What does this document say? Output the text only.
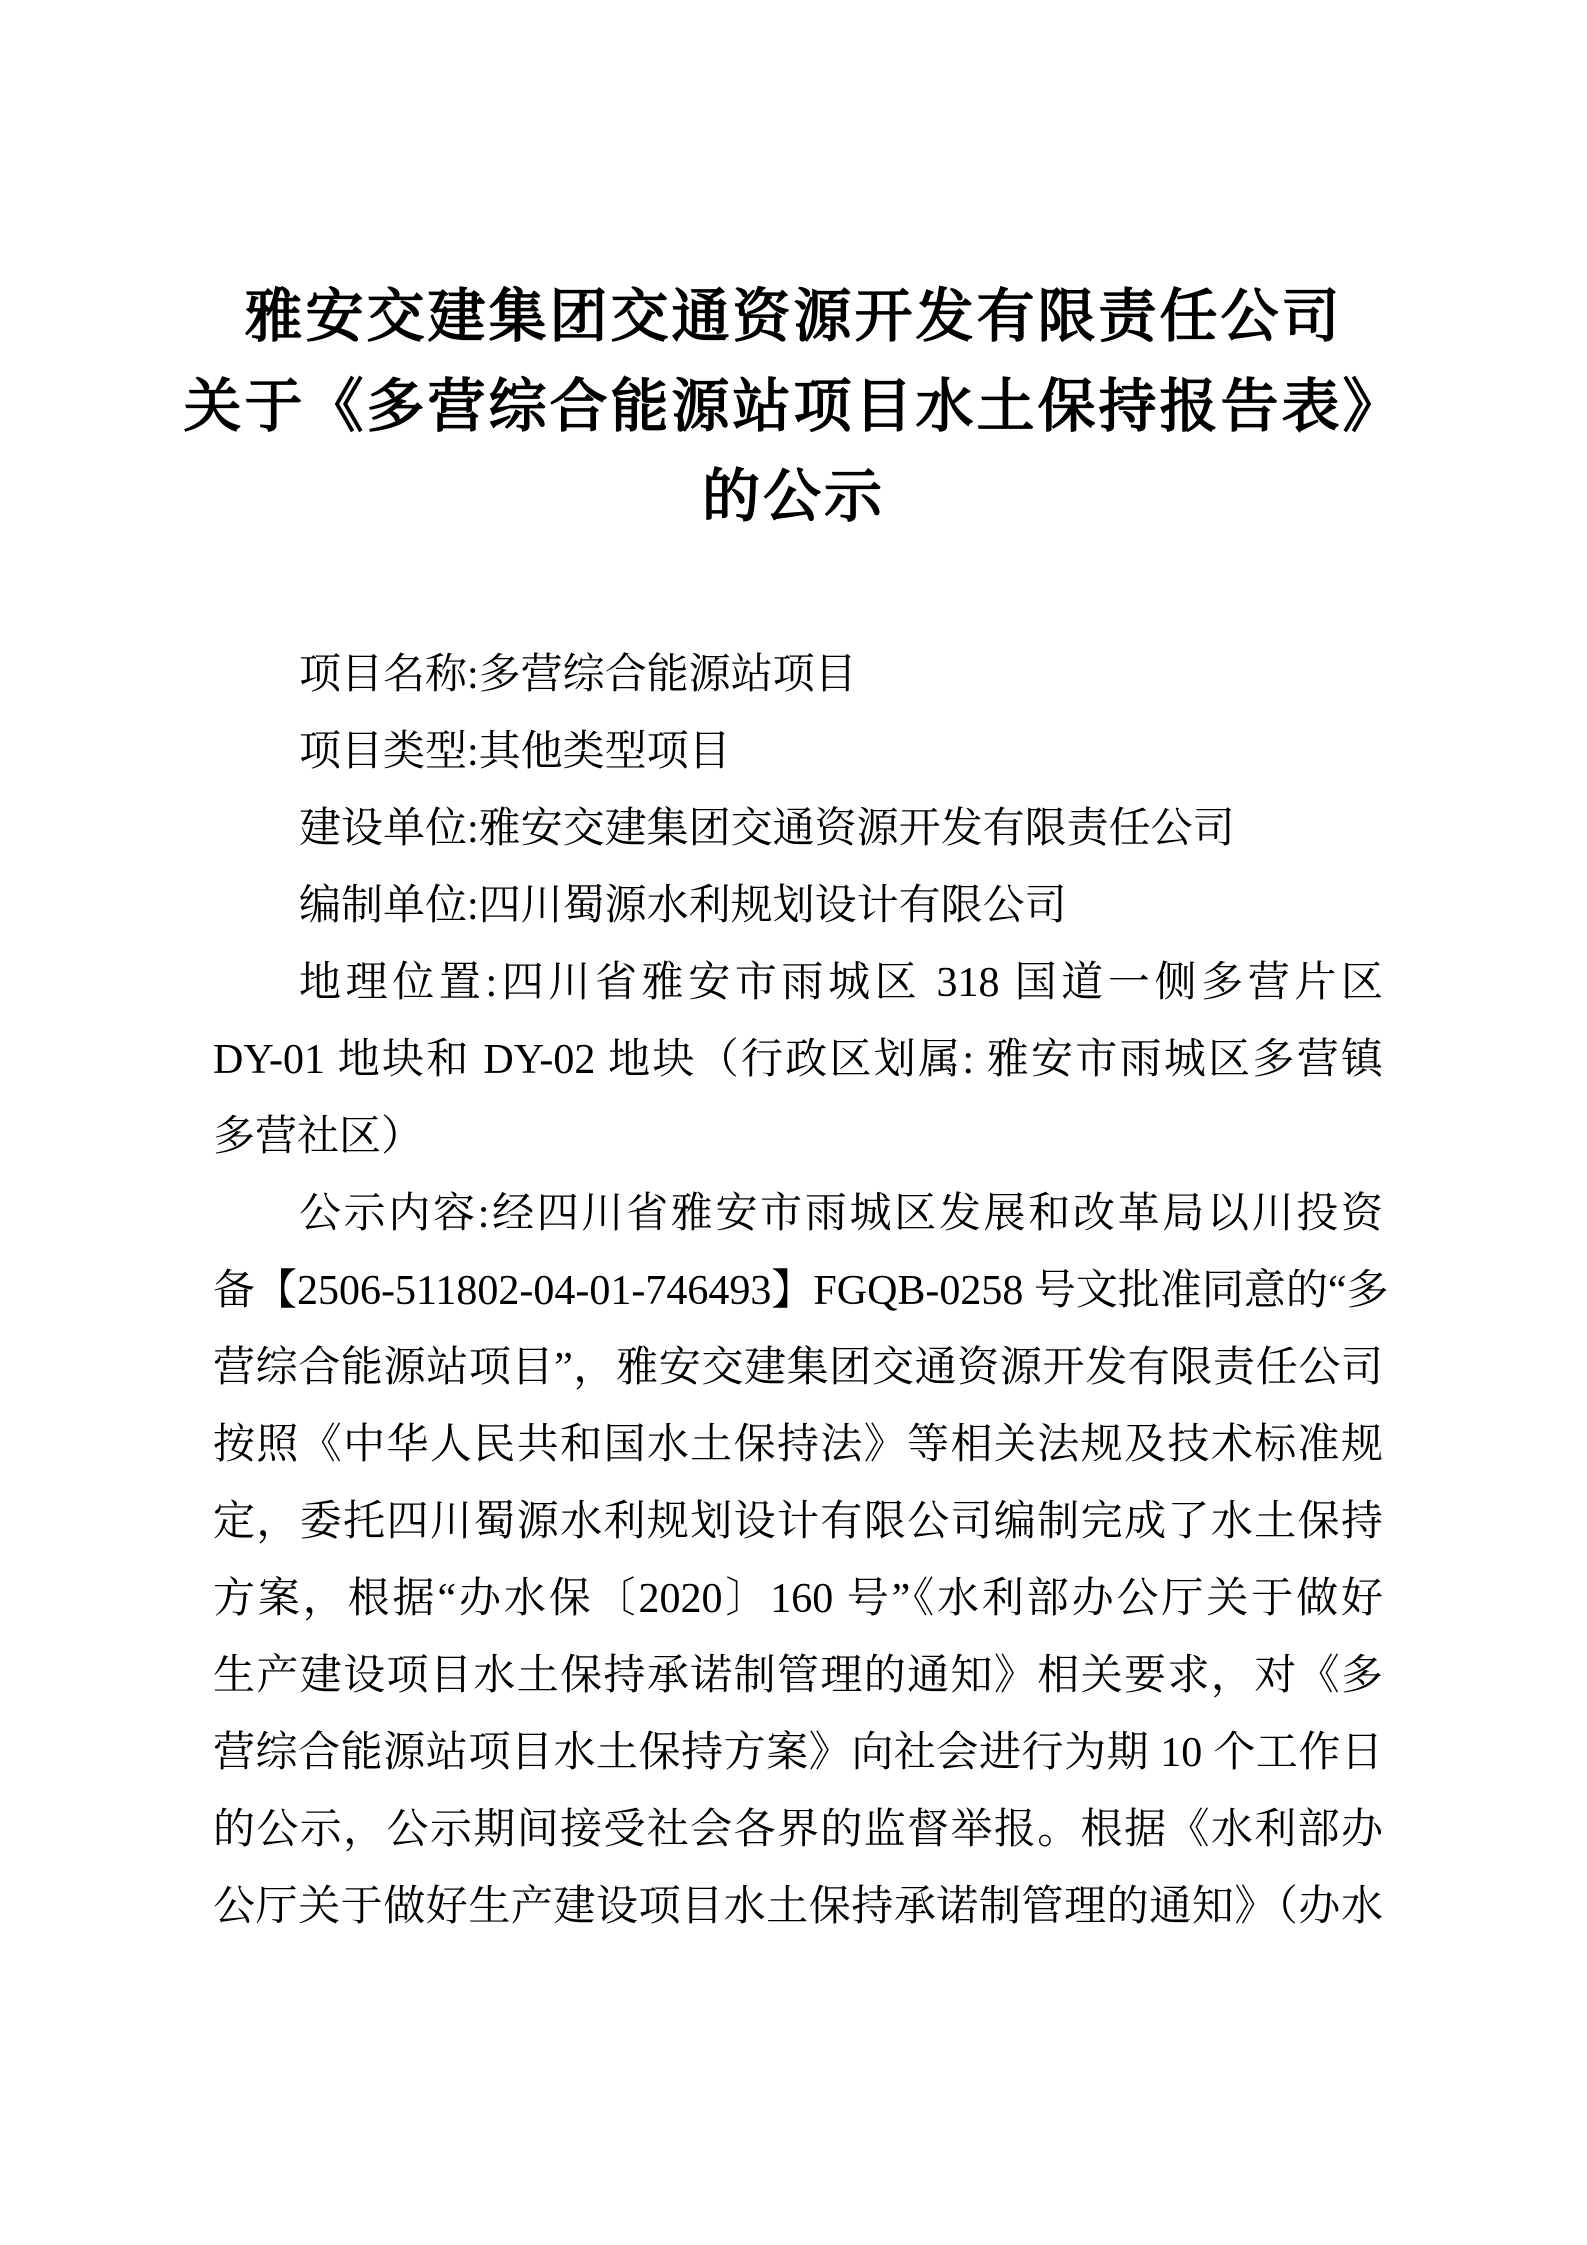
雅安交建集团交通资源开发有限责任公司
关于《多营综合能源站项目水土保持报告表》
的公示
项目名称:多营综合能源站项目
项目类型:其他类型项目
建设单位:雅安交建集团交通资源开发有限责任公司
编制单位:四川蜀源水利规划设计有限公司
地理位置:四川省雅安市雨城区 318 国道一侧多营片区
DY-01 地块和 DY-02 地块（行政区划属: 雅安市雨城区多营镇
多营社区）
公示内容:经四川省雅安市雨城区发展和改革局以川投资
备【2506-511802-04-01-746493】FGQB-0258 号文批准同意的“多
营综合能源站项目”，雅安交建集团交通资源开发有限责任公司
按照《中华人民共和国水土保持法》等相关法规及技术标准规
定，委托四川蜀源水利规划设计有限公司编制完成了水土保持
方案，根据“办水保〔2020〕160 号”《水利部办公厅关于做好
生产建设项目水土保持承诺制管理的通知》相关要求，对《多
营综合能源站项目水土保持方案》向社会进行为期 10 个工作日
的公示，公示期间接受社会各界的监督举报。根据《水利部办
公厅关于做好生产建设项目水土保持承诺制管理的通知》（办水
